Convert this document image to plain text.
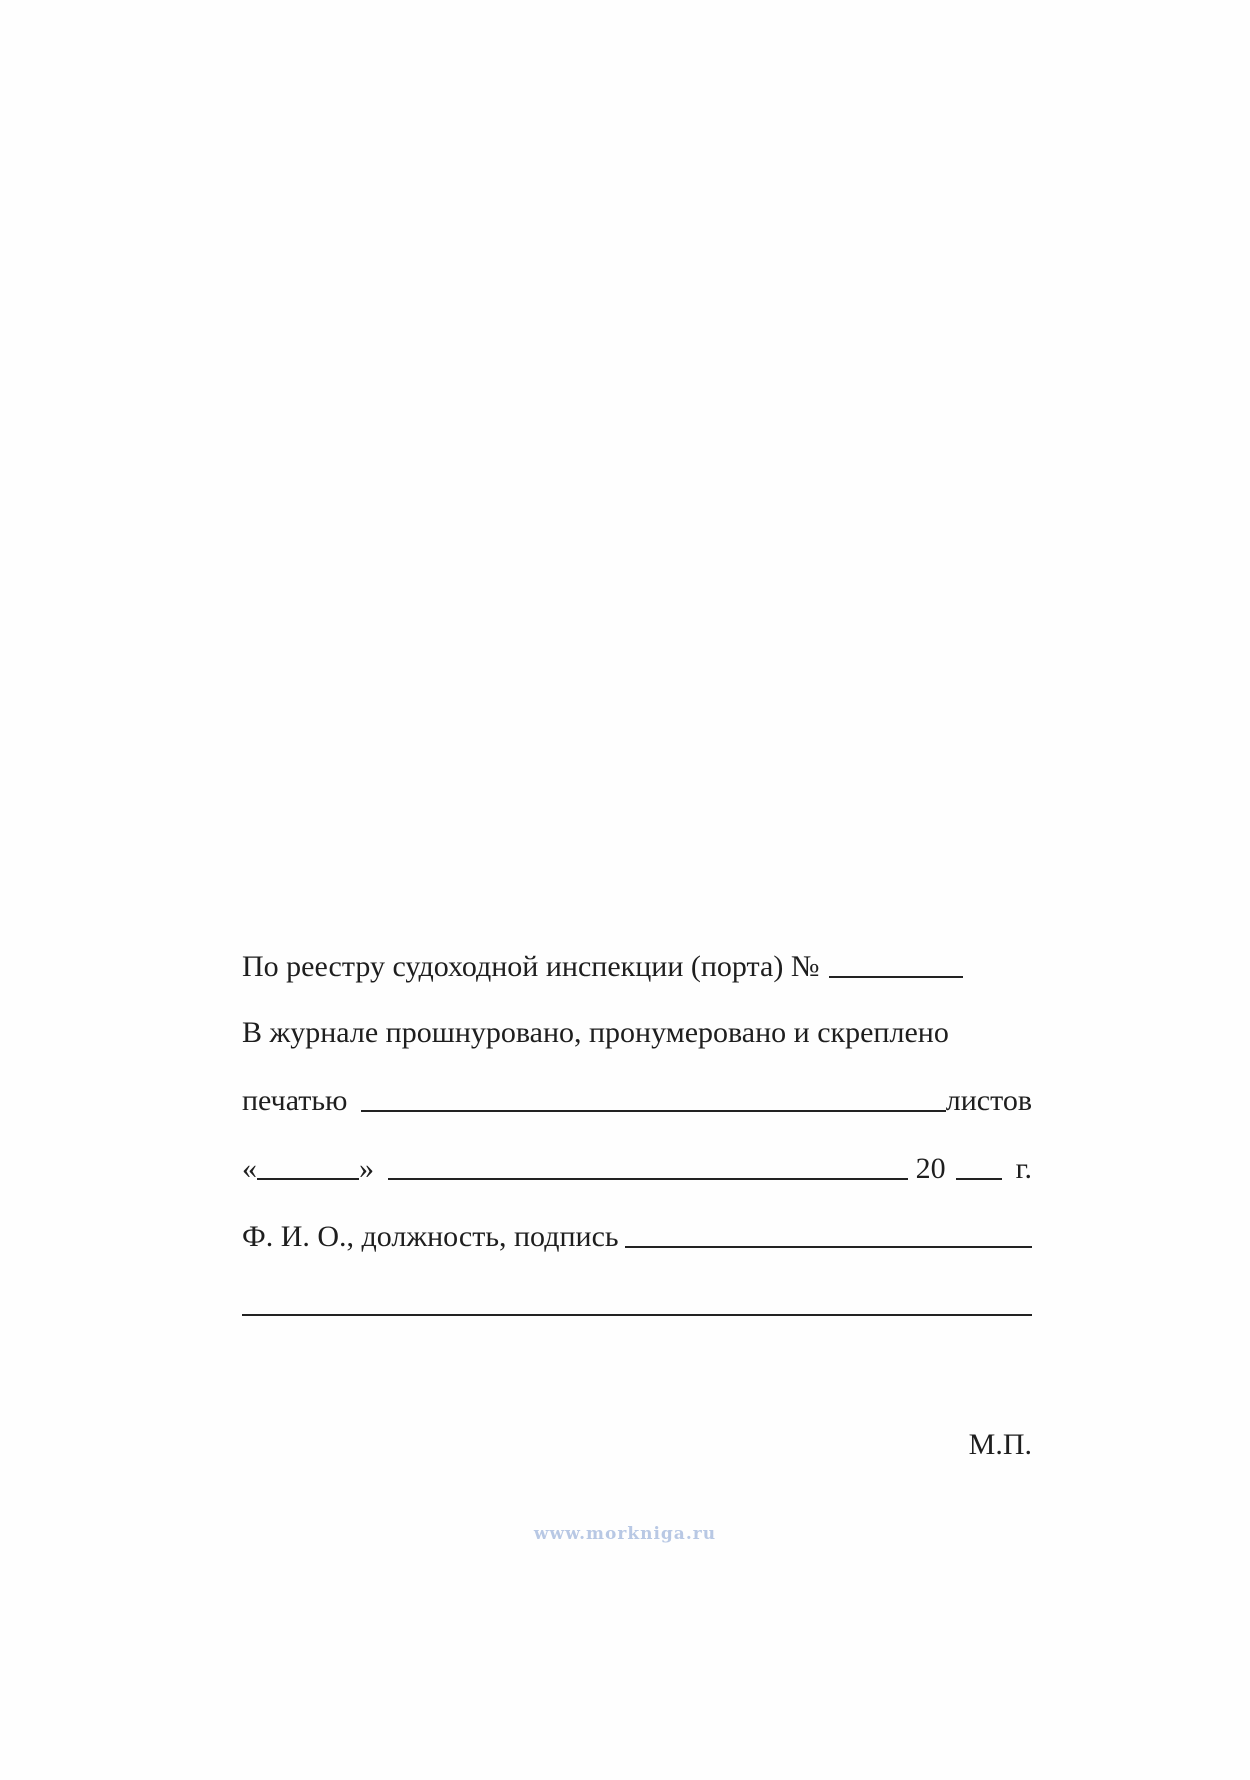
По реестру судоходной инспекции (порта) №
В журнале прошнуровано, пронумеровано и скреплено
печатью	листов
«	»	20 г.
Ф. И. О., должность, подпись
М.П.
www.morkniga.ru
